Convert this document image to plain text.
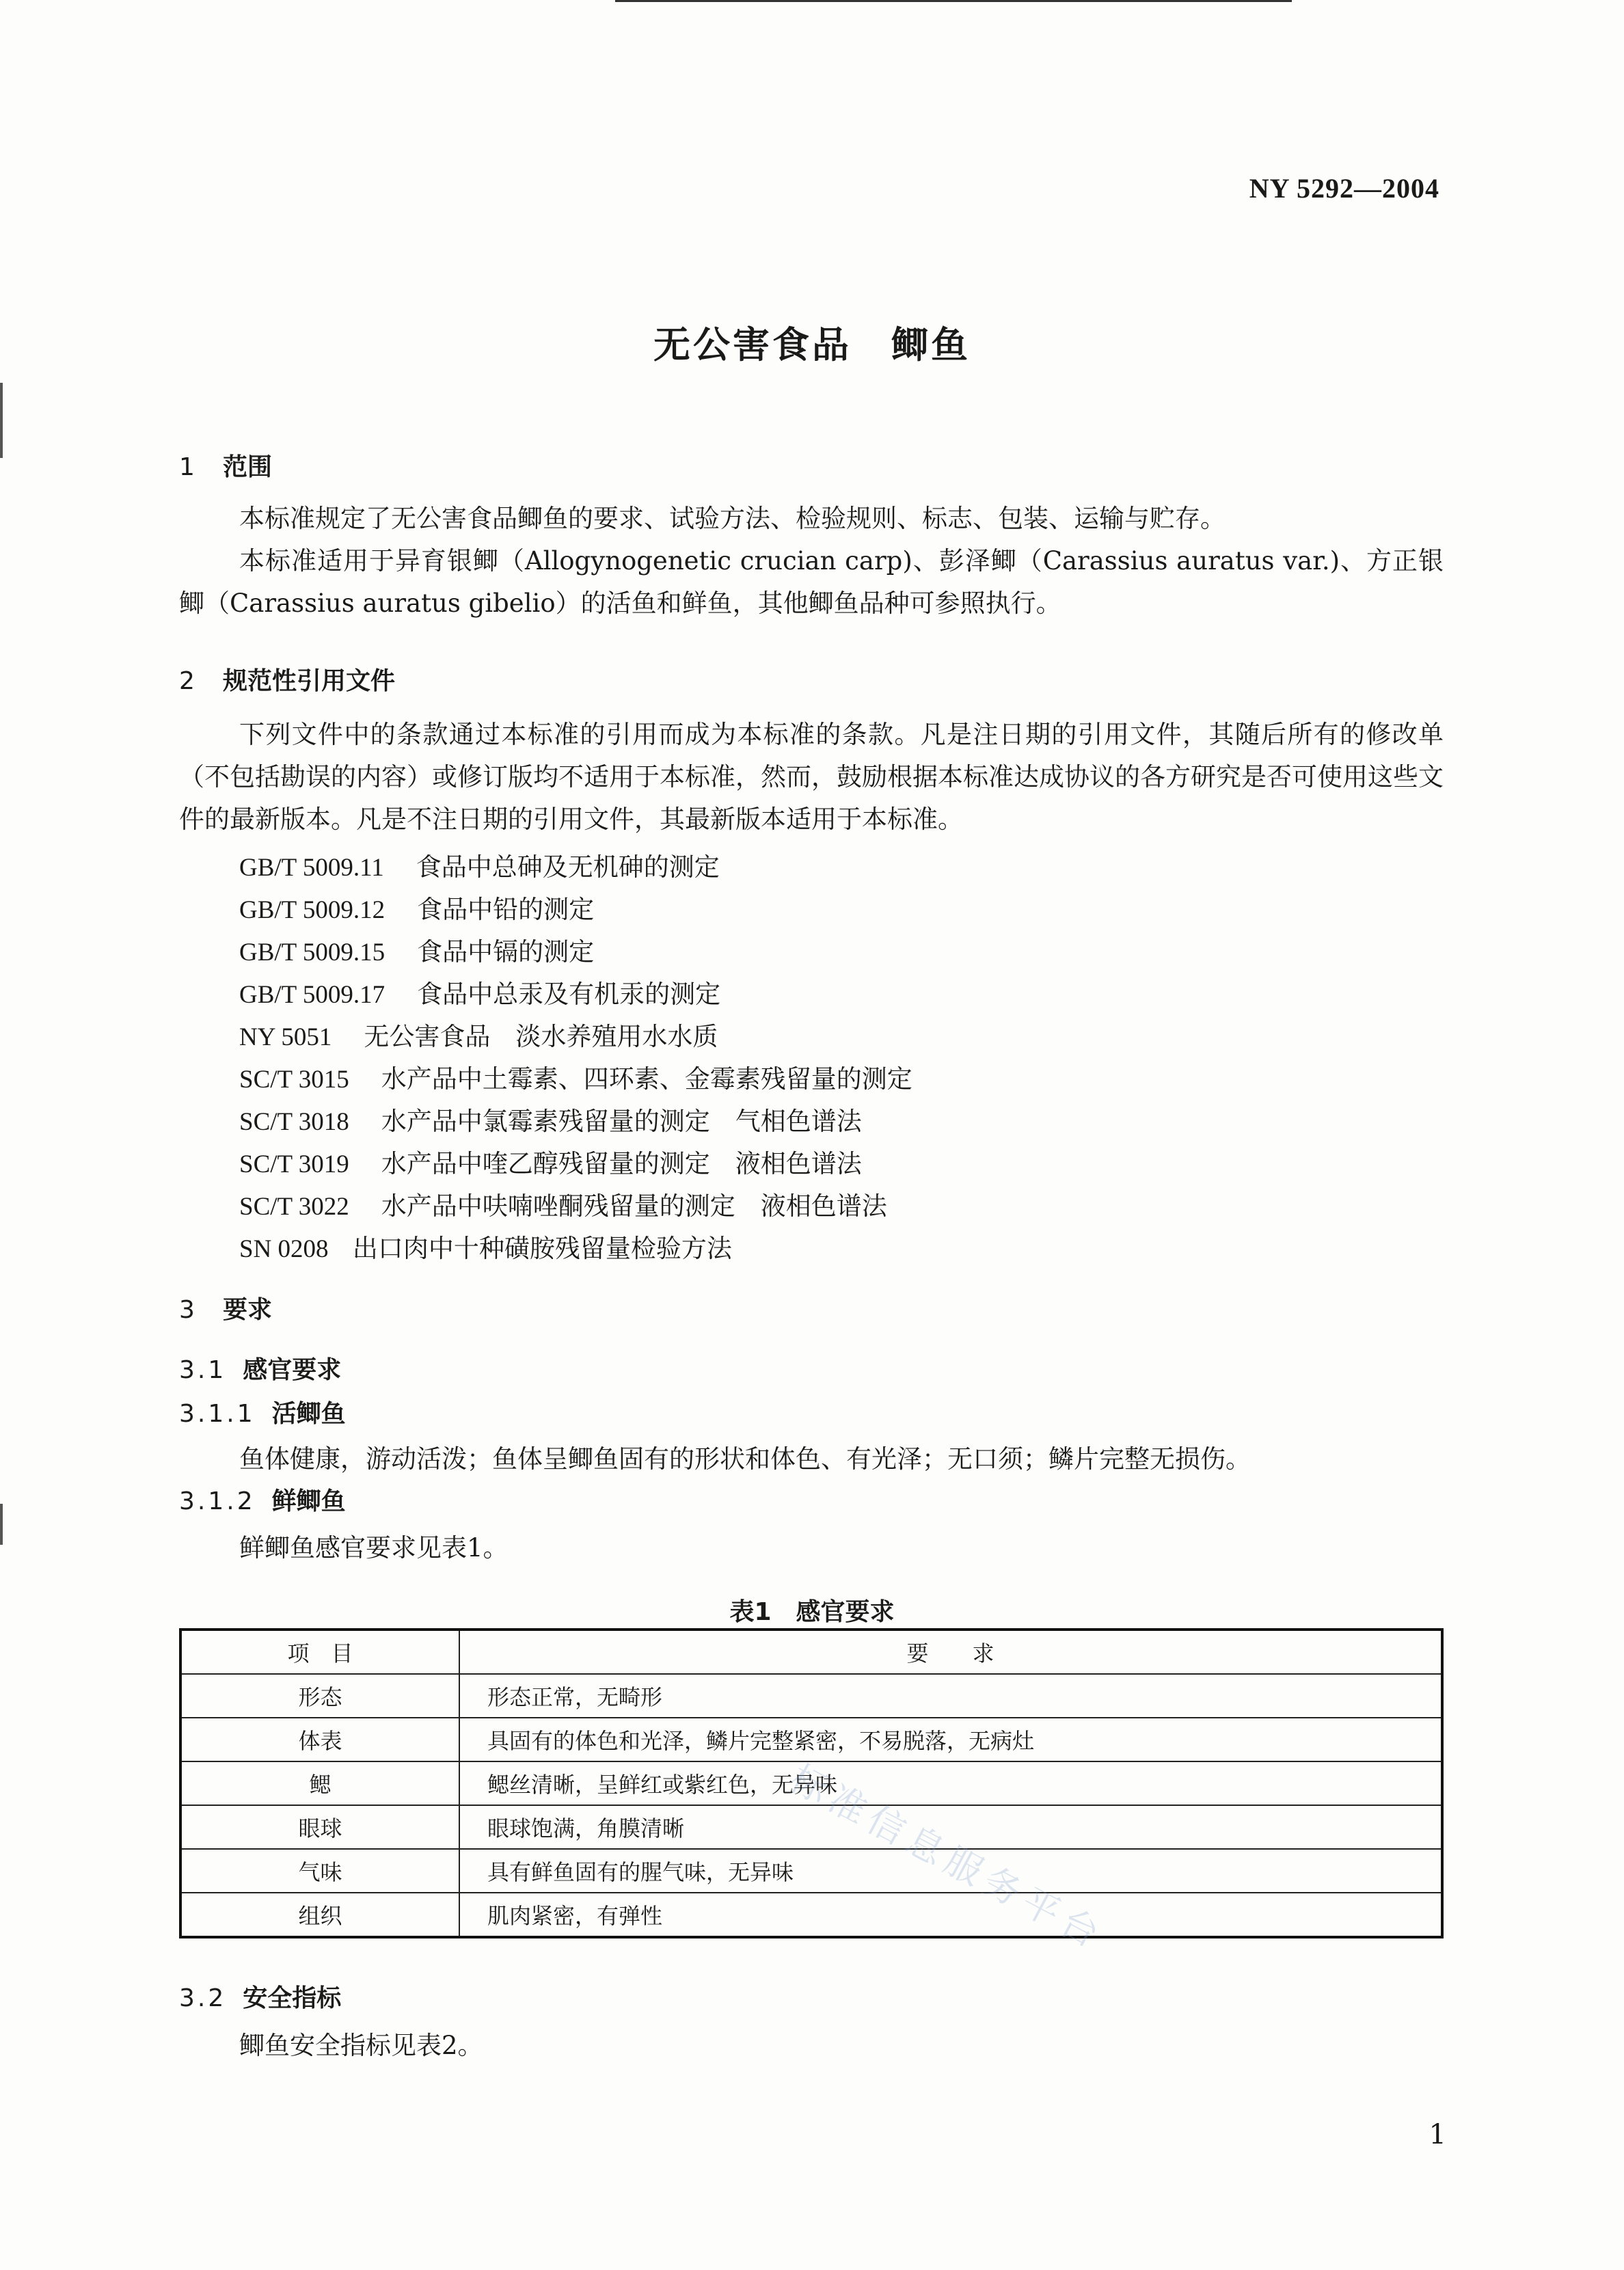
NY 5292—2004
无公害食品　鲫鱼
1 范围
本标准规定了无公害食品鲫鱼的要求、试验方法、检验规则、标志、包装、运输与贮存。
本标准适用于异育银鲫（Allogynogenetic crucian carp)、彭泽鲫（Carassius auratus var.)、方正银鲫（Carassius auratus gibelio）的活鱼和鲜鱼，其他鲫鱼品种可参照执行。
2 规范性引用文件
下列文件中的条款通过本标准的引用而成为本标准的条款。凡是注日期的引用文件，其随后所有的修改单（不包括勘误的内容）或修订版均不适用于本标准，然而，鼓励根据本标准达成协议的各方研究是否可使用这些文件的最新版本。凡是不注日期的引用文件，其最新版本适用于本标准。
GB/T 5009.11 食品中总砷及无机砷的测定
GB/T 5009.12 食品中铅的测定
GB/T 5009.15 食品中镉的测定
GB/T 5009.17 食品中总汞及有机汞的测定
NY 5051 无公害食品　淡水养殖用水水质
SC/T 3015 水产品中土霉素、四环素、金霉素残留量的测定
SC/T 3018 水产品中氯霉素残留量的测定　气相色谱法
SC/T 3019 水产品中喹乙醇残留量的测定　液相色谱法
SC/T 3022 水产品中呋喃唑酮残留量的测定　液相色谱法
SN 0208 出口肉中十种磺胺残留量检验方法
3 要求
3.1 感官要求
3.1.1 活鲫鱼
鱼体健康，游动活泼；鱼体呈鲫鱼固有的形状和体色、有光泽；无口须；鳞片完整无损伤。
3.1.2 鲜鲫鱼
鲜鲫鱼感官要求见表1。
表1　感官要求
项　目	要　　求
形态	形态正常，无畸形
体表	具固有的体色和光泽，鳞片完整紧密，不易脱落，无病灶
鳃	鳃丝清晰，呈鲜红或紫红色，无异味
眼球	眼球饱满，角膜清晰
气味	具有鲜鱼固有的腥气味，无异味
组织	肌肉紧密，有弹性	标准信息服务平台
3.2 安全指标
鲫鱼安全指标见表2。
1
